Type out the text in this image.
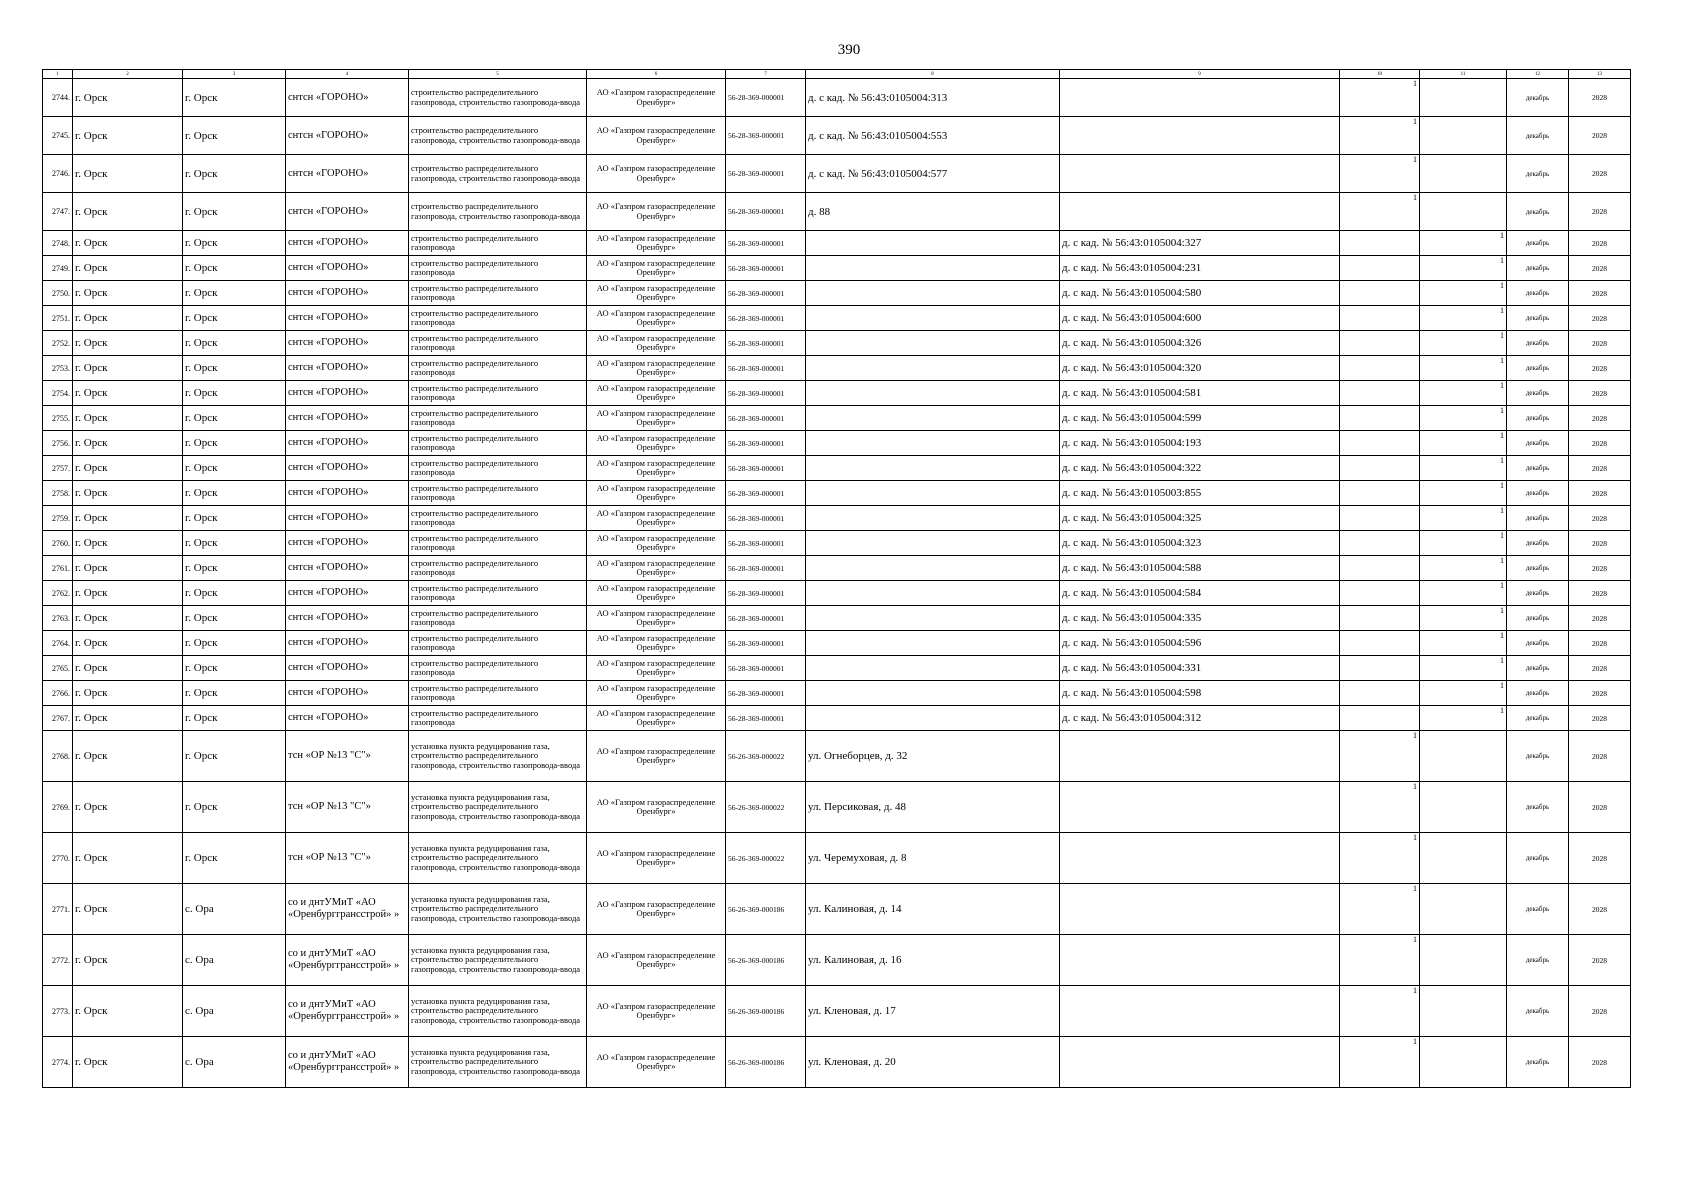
390
1	2	3	4	5	6	7	8	9	10	11	12	13
2744.	г. Орск	г. Орск	снтсн «ГОРОНО»	строительство распределительного газопровода, строительство газопровода-ввода	АО «Газпром газораспределение Оренбург»	56-28-369-000001	д. с кад. № 56:43:0105004:313		1		декабрь	2028
2745.	г. Орск	г. Орск	снтсн «ГОРОНО»	строительство распределительного газопровода, строительство газопровода-ввода	АО «Газпром газораспределение Оренбург»	56-28-369-000001	д. с кад. № 56:43:0105004:553		1		декабрь	2028
2746.	г. Орск	г. Орск	снтсн «ГОРОНО»	строительство распределительного газопровода, строительство газопровода-ввода	АО «Газпром газораспределение Оренбург»	56-28-369-000001	д. с кад. № 56:43:0105004:577		1		декабрь	2028
2747.	г. Орск	г. Орск	снтсн «ГОРОНО»	строительство распределительного газопровода, строительство газопровода-ввода	АО «Газпром газораспределение Оренбург»	56-28-369-000001	д. 88		1		декабрь	2028
2748.	г. Орск	г. Орск	снтсн «ГОРОНО»	строительство распределительного газопровода	АО «Газпром газораспределение Оренбург»	56-28-369-000001		д. с кад. № 56:43:0105004:327		1	декабрь	2028
2749.	г. Орск	г. Орск	снтсн «ГОРОНО»	строительство распределительного газопровода	АО «Газпром газораспределение Оренбург»	56-28-369-000001		д. с кад. № 56:43:0105004:231		1	декабрь	2028
2750.	г. Орск	г. Орск	снтсн «ГОРОНО»	строительство распределительного газопровода	АО «Газпром газораспределение Оренбург»	56-28-369-000001		д. с кад. № 56:43:0105004:580		1	декабрь	2028
2751.	г. Орск	г. Орск	снтсн «ГОРОНО»	строительство распределительного газопровода	АО «Газпром газораспределение Оренбург»	56-28-369-000001		д. с кад. № 56:43:0105004:600		1	декабрь	2028
2752.	г. Орск	г. Орск	снтсн «ГОРОНО»	строительство распределительного газопровода	АО «Газпром газораспределение Оренбург»	56-28-369-000001		д. с кад. № 56:43:0105004:326		1	декабрь	2028
2753.	г. Орск	г. Орск	снтсн «ГОРОНО»	строительство распределительного газопровода	АО «Газпром газораспределение Оренбург»	56-28-369-000001		д. с кад. № 56:43:0105004:320		1	декабрь	2028
2754.	г. Орск	г. Орск	снтсн «ГОРОНО»	строительство распределительного газопровода	АО «Газпром газораспределение Оренбург»	56-28-369-000001		д. с кад. № 56:43:0105004:581		1	декабрь	2028
2755.	г. Орск	г. Орск	снтсн «ГОРОНО»	строительство распределительного газопровода	АО «Газпром газораспределение Оренбург»	56-28-369-000001		д. с кад. № 56:43:0105004:599		1	декабрь	2028
2756.	г. Орск	г. Орск	снтсн «ГОРОНО»	строительство распределительного газопровода	АО «Газпром газораспределение Оренбург»	56-28-369-000001		д. с кад. № 56:43:0105004:193		1	декабрь	2028
2757.	г. Орск	г. Орск	снтсн «ГОРОНО»	строительство распределительного газопровода	АО «Газпром газораспределение Оренбург»	56-28-369-000001		д. с кад. № 56:43:0105004:322		1	декабрь	2028
2758.	г. Орск	г. Орск	снтсн «ГОРОНО»	строительство распределительного газопровода	АО «Газпром газораспределение Оренбург»	56-28-369-000001		д. с кад. № 56:43:0105003:855		1	декабрь	2028
2759.	г. Орск	г. Орск	снтсн «ГОРОНО»	строительство распределительного газопровода	АО «Газпром газораспределение Оренбург»	56-28-369-000001		д. с кад. № 56:43:0105004:325		1	декабрь	2028
2760.	г. Орск	г. Орск	снтсн «ГОРОНО»	строительство распределительного газопровода	АО «Газпром газораспределение Оренбург»	56-28-369-000001		д. с кад. № 56:43:0105004:323		1	декабрь	2028
2761.	г. Орск	г. Орск	снтсн «ГОРОНО»	строительство распределительного газопровода	АО «Газпром газораспределение Оренбург»	56-28-369-000001		д. с кад. № 56:43:0105004:588		1	декабрь	2028
2762.	г. Орск	г. Орск	снтсн «ГОРОНО»	строительство распределительного газопровода	АО «Газпром газораспределение Оренбург»	56-28-369-000001		д. с кад. № 56:43:0105004:584		1	декабрь	2028
2763.	г. Орск	г. Орск	снтсн «ГОРОНО»	строительство распределительного газопровода	АО «Газпром газораспределение Оренбург»	56-28-369-000001		д. с кад. № 56:43:0105004:335		1	декабрь	2028
2764.	г. Орск	г. Орск	снтсн «ГОРОНО»	строительство распределительного газопровода	АО «Газпром газораспределение Оренбург»	56-28-369-000001		д. с кад. № 56:43:0105004:596		1	декабрь	2028
2765.	г. Орск	г. Орск	снтсн «ГОРОНО»	строительство распределительного газопровода	АО «Газпром газораспределение Оренбург»	56-28-369-000001		д. с кад. № 56:43:0105004:331		1	декабрь	2028
2766.	г. Орск	г. Орск	снтсн «ГОРОНО»	строительство распределительного газопровода	АО «Газпром газораспределение Оренбург»	56-28-369-000001		д. с кад. № 56:43:0105004:598		1	декабрь	2028
2767.	г. Орск	г. Орск	снтсн «ГОРОНО»	строительство распределительного газопровода	АО «Газпром газораспределение Оренбург»	56-28-369-000001		д. с кад. № 56:43:0105004:312		1	декабрь	2028
2768.	г. Орск	г. Орск	тсн «ОР №13 "С"»	установка пункта редуцирования газа, строительство распределительного газопровода, строительство газопровода-ввода	АО «Газпром газораспределение Оренбург»	56-26-369-000022	ул. Огнеборцев, д. 32		1		декабрь	2028
2769.	г. Орск	г. Орск	тсн «ОР №13 "С"»	установка пункта редуцирования газа, строительство распределительного газопровода, строительство газопровода-ввода	АО «Газпром газораспределение Оренбург»	56-26-369-000022	ул. Персиковая, д. 48		1		декабрь	2028
2770.	г. Орск	г. Орск	тсн «ОР №13 "С"»	установка пункта редуцирования газа, строительство распределительного газопровода, строительство газопровода-ввода	АО «Газпром газораспределение Оренбург»	56-26-369-000022	ул. Черемуховая, д. 8		1		декабрь	2028
2771.	г. Орск	с. Ора	со и днтУМиТ «АО «Оренбурггрансстрой» »	установка пункта редуцирования газа, строительство распределительного газопровода, строительство газопровода-ввода	АО «Газпром газораспределение Оренбург»	56-26-369-000186	ул. Калиновая, д. 14		1		декабрь	2028
2772.	г. Орск	с. Ора	со и днтУМиТ «АО «Оренбурггрансстрой» »	установка пункта редуцирования газа, строительство распределительного газопровода, строительство газопровода-ввода	АО «Газпром газораспределение Оренбург»	56-26-369-000186	ул. Калиновая, д. 16		1		декабрь	2028
2773.	г. Орск	с. Ора	со и днтУМиТ «АО «Оренбурггрансстрой» »	установка пункта редуцирования газа, строительство распределительного газопровода, строительство газопровода-ввода	АО «Газпром газораспределение Оренбург»	56-26-369-000186	ул. Кленовая, д. 17		1		декабрь	2028
2774.	г. Орск	с. Ора	со и днтУМиТ «АО «Оренбурггрансстрой» »	установка пункта редуцирования газа, строительство распределительного газопровода, строительство газопровода-ввода	АО «Газпром газораспределение Оренбург»	56-26-369-000186	ул. Кленовая, д. 20		1		декабрь	2028
